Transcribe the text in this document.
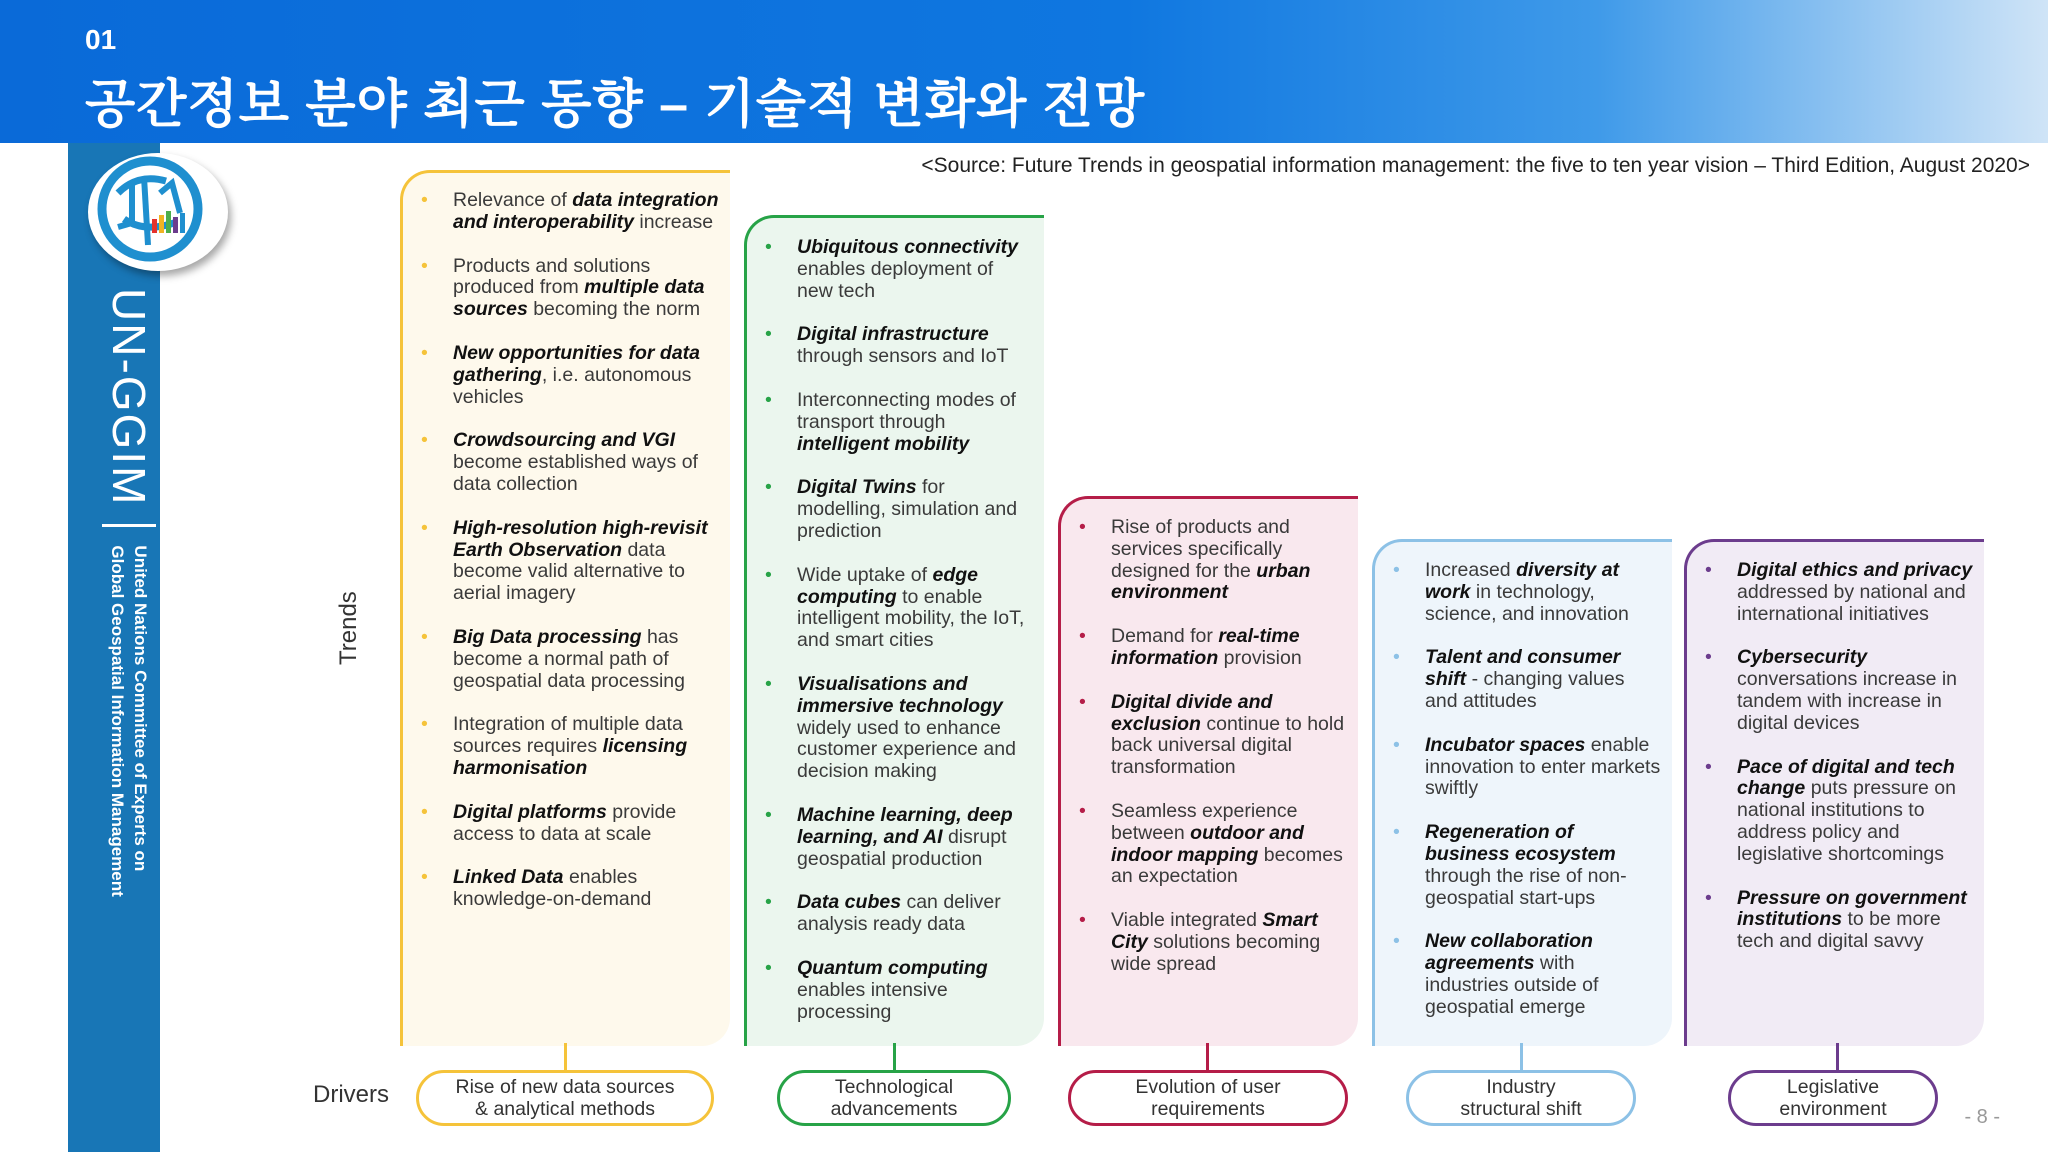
01
공간정보 분야 최근 동향 – 기술적 변화와 전망
UN-GGIM
United Nations Committee of Experts on
Global Geospatial Information Management
<Source: Future Trends in geospatial information management: the five to ten year vision – Third Edition, August 2020>
Trends
Drivers
• Relevance of data integration and interoperability increase
• Products and solutions produced from multiple data sources becoming the norm
• New opportunities for data gathering, i.e. autonomous vehicles
• Crowdsourcing and VGI become established ways of data collection
• High-resolution high-revisit Earth Observation data become valid alternative to aerial imagery
• Big Data processing has become a normal path of geospatial data processing
• Integration of multiple data sources requires licensing harmonisation
• Digital platforms provide access to data at scale
• Linked Data enables knowledge-on-demand
Rise of new data sources
& analytical methods
• Ubiquitous connectivity enables deployment of new tech
• Digital infrastructure through sensors and IoT
• Interconnecting modes of transport through intelligent mobility
• Digital Twins for modelling, simulation and prediction
• Wide uptake of edge computing to enable intelligent mobility, the IoT, and smart cities
• Visualisations and immersive technology widely used to enhance customer experience and decision making
• Machine learning, deep learning, and AI disrupt geospatial production
• Data cubes can deliver analysis ready data
• Quantum computing enables intensive processing
Technological
advancements
• Rise of products and services specifically designed for the urban environment
• Demand for real-time information provision
• Digital divide and exclusion continue to hold back universal digital transformation
• Seamless experience between outdoor and indoor mapping becomes an expectation
• Viable integrated Smart City solutions becoming wide spread
Evolution of user
requirements
• Increased diversity at work in technology, science, and innovation
• Talent and consumer shift - changing values and attitudes
• Incubator spaces enable innovation to enter markets swiftly
• Regeneration of business ecosystem through the rise of non-geospatial start-ups
• New collaboration agreements with industries outside of geospatial emerge
Industry
structural shift
• Digital ethics and privacy addressed by national and international initiatives
• Cybersecurity conversations increase in tandem with increase in digital devices
• Pace of digital and tech change puts pressure on national institutions to address policy and legislative shortcomings
• Pressure on government institutions to be more tech and digital savvy
Legislative
environment	- 8 -
